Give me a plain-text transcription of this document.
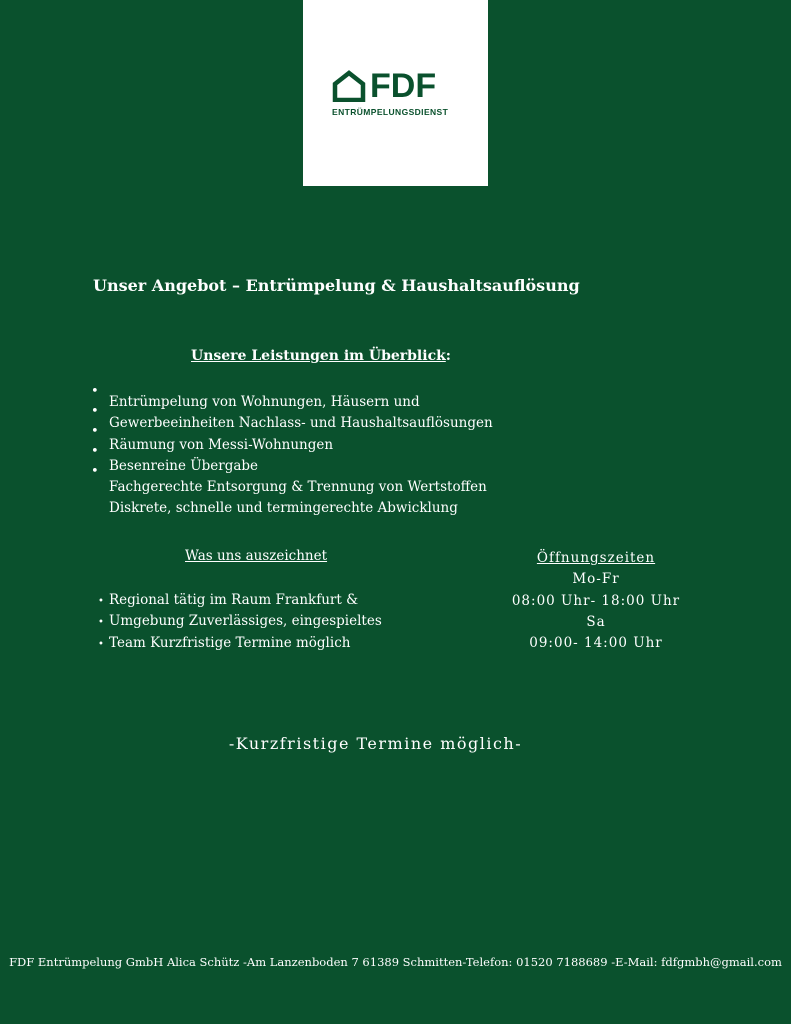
FDF
ENTRÜMPELUNGSDIENST
Unser Angebot – Entrümpelung & Haushaltsauflösung
Unsere Leistungen im Überblick:
•
•
•
•
•
Entrümpelung von Wohnungen, Häusern und
Gewerbeeinheiten Nachlass- und Haushaltsauflösungen
Räumung von Messi-Wohnungen
Besenreine Übergabe
Fachgerechte Entsorgung & Trennung von Wertstoffen
Diskrete, schnelle und termingerechte Abwicklung
Was uns auszeichnet
• Regional tätig im Raum Frankfurt &
• Umgebung Zuverlässiges, eingespieltes
• Team Kurzfristige Termine möglich
Öffnungszeiten
Mo-Fr
08:00 Uhr- 18:00 Uhr
Sa
09:00- 14:00 Uhr
-Kurzfristige Termine möglich-
FDF Entrümpelung GmbH Alica Schütz -Am Lanzenboden 7 61389 Schmitten-Telefon: 01520 7188689 -E-Mail: fdfgmbh@gmail.com
